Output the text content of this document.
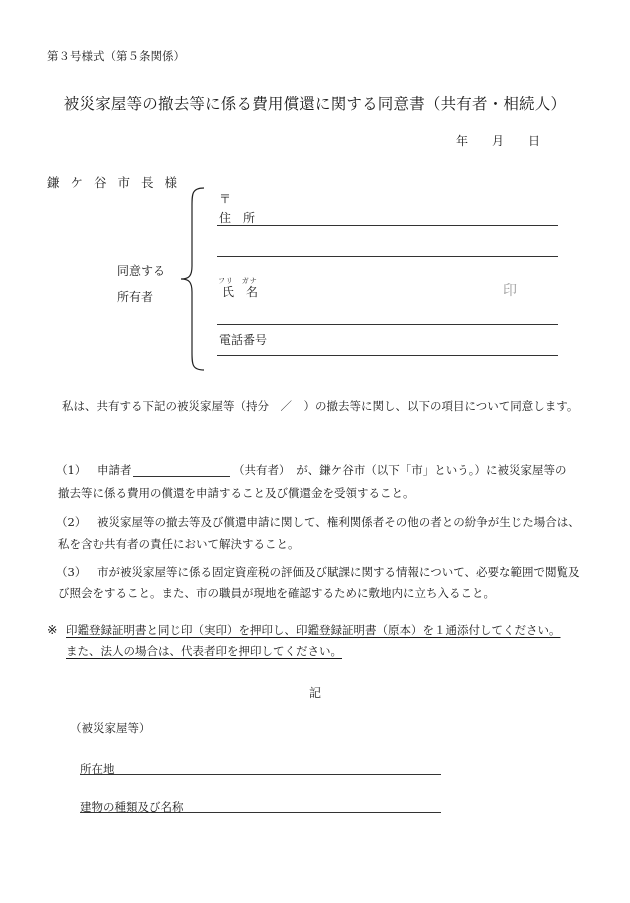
第３号様式（第５条関係）
被災家屋等の撤去等に係る費用償還に関する同意書（共有者・相続人）
年 月 日
鎌ケ谷市長様
同意する
所有者
〒
住　所
フリ　ガナ
氏　名	印
電話番号
私は、共有する下記の被災家屋等（持分　／　）の撤去等に関し、以下の項目について同意します。
（1） 申請者	（共有者）　が、鎌ケ谷市（以下「市」という。）に被災家屋等の
撤去等に係る費用の償還を申請すること及び償還金を受領すること。
（2） 被災家屋等の撤去等及び償還申請に関して、権利関係者その他の者との紛争が生じた場合は、
私を含む共有者の責任において解決すること。
（3） 市が被災家屋等に係る固定資産税の評価及び賦課に関する情報について、必要な範囲で閲覧及
び照会をすること。また、市の職員が現地を確認するために敷地内に立ち入ること。
※ 印鑑登録証明書と同じ印（実印）を押印し、印鑑登録証明書（原本）を１通添付してください。
また、法人の場合は、代表者印を押印してください。
記
（被災家屋等）
所在地
建物の種類及び名称
